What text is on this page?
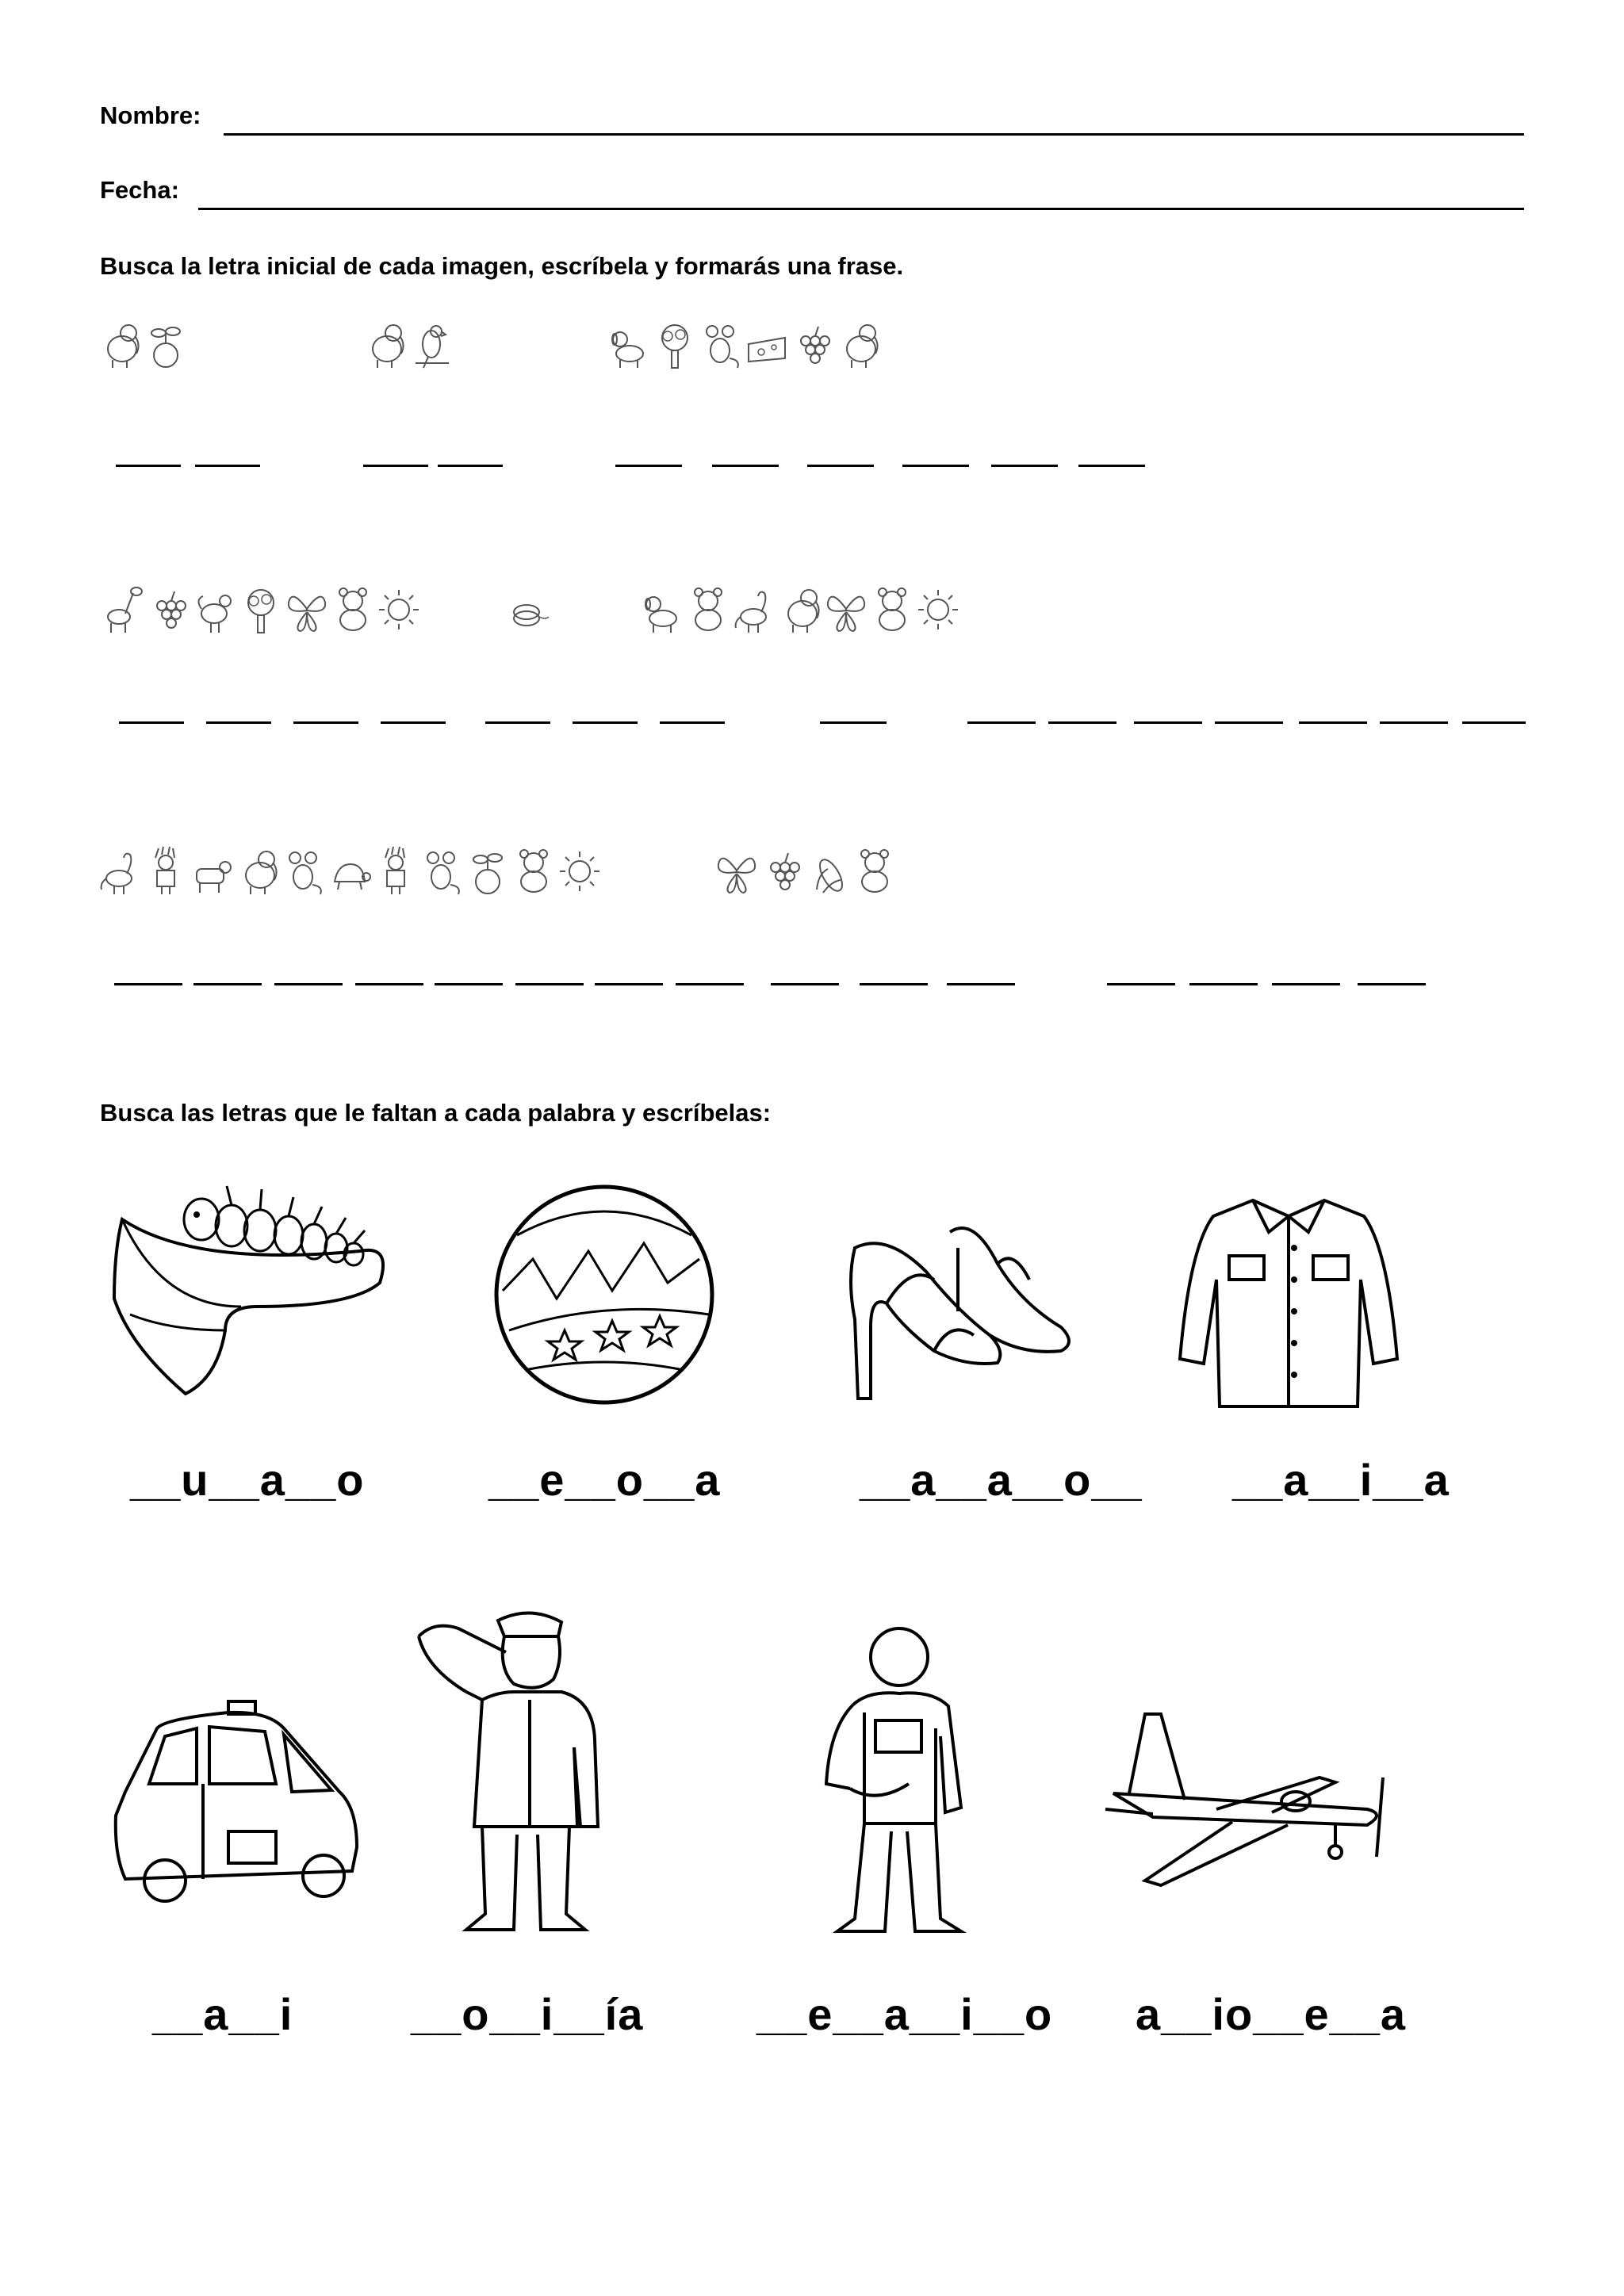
Nombre:
Fecha:
Busca la letra inicial de cada imagen, escríbela y formarás una frase.
Busca las letras que le faltan a cada palabra y escríbelas:
__u__a__o	__e__o__a	__a__a__o__ __a__i__a
__a__i	__o__i__ía	__e__a__i__o a__io__e__a
